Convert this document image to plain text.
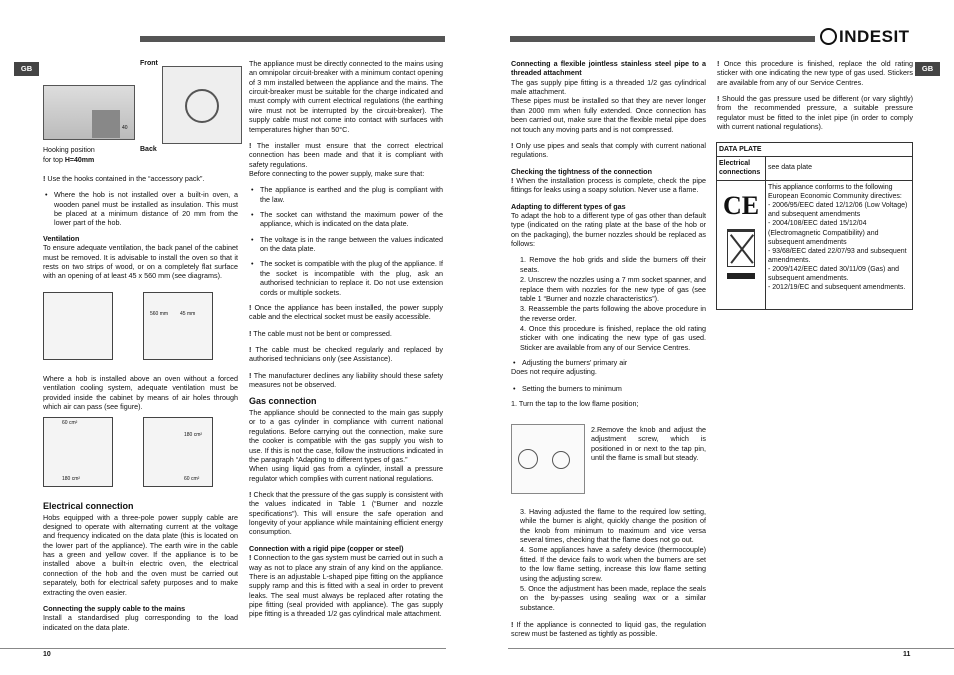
GB	GB
10	11
INDESIT
Front
Back
40
Hooking position
for top H=40mm

! Use the hooks contained in the “accessory pack”.

• Where the hob is not installed over a built-in oven, a wooden panel must be installed as insulation. This must be placed at a minimum distance of 20 mm from the lower part of the hob.

Ventilation

To ensure adequate ventilation, the back panel of the cabinet must be removed. It is advisable to install the oven so that it rests on two strips of wood, or on a completely flat surface with an opening of at least 45 x 560 mm (see diagrams).

560 mm 45 mm

Where a hob is installed above an oven without a forced ventilation cooling system, adequate ventilation must be provided inside the cabinet by means of air holes through which air can pass (see figure).

60 cm²
180 cm²
180 cm²
60 cm²

Electrical connection

Hobs equipped with a three-pole power supply cable are designed to operate with alternating current at the voltage and frequency indicated on the data plate (this is located on the lower part of the appliance). The earth wire in the cable has a green and yellow cover. If the appliance is to be installed above a built-in electric oven, the electrical connection of the hob and the oven must be carried out separately, both for electrical safety purposes and to make extracting the oven easier.

Connecting the supply cable to the mains

Install a standardised plug corresponding to the load indicated on the data plate.

The appliance must be directly connected to the mains using an omnipolar circuit-breaker with a minimum contact opening of 3 mm installed between the appliance and the mains. The circuit-breaker must be suitable for the charge indicated and must comply with current electrical regulations (the earthing wire must not be interrupted by the circuit-breaker). The supply cable must not come into contact with surfaces with temperatures higher than 50°C.

! The installer must ensure that the correct electrical connection has been made and that it is compliant with safety regulations.

Before connecting to the power supply, make sure that:

• The appliance is earthed and the plug is compliant with the law.
• The socket can withstand the maximum power of the appliance, which is indicated on the data plate.
• The voltage is in the range between the values indicated on the data plate.
• The socket is compatible with the plug of the appliance. If the socket is incompatible with the plug, ask an authorised technician to replace it. Do not use extension cords or multiple sockets.

! Once the appliance has been installed, the power supply cable and the electrical socket must be easily accessible.

! The cable must not be bent or compressed.

! The cable must be checked regularly and replaced by authorised technicians only (see Assistance).

! The manufacturer declines any liability should these safety measures not be observed.

Gas connection

The appliance should be connected to the main gas supply or to a gas cylinder in compliance with current national regulations. Before carrying out the connection, make sure the cooker is compatible with the gas supply you wish to use. If this is not the case, follow the instructions indicated in the paragraph “Adapting to different types of gas.”

When using liquid gas from a cylinder, install a pressure regulator which complies with current national regulations.

! Check that the pressure of the gas supply is consistent with the values indicated in Table 1 (“Burner and nozzle specifications”). This will ensure the safe operation and longevity of your appliance while maintaining efficient energy consumption.

Connection with a rigid pipe (copper or steel)

! Connection to the gas system must be carried out in such a way as not to place any strain of any kind on the appliance. There is an adjustable L-shaped pipe fitting on the appliance supply ramp and this is fitted with a seal in order to prevent leaks. The seal must always be replaced after rotating the pipe fitting (seal provided with appliance). The gas supply pipe fitting is a threaded 1/2 gas cylindrical male attachment.

Connecting a flexible jointless stainless steel pipe to a threaded attachment

The gas supply pipe fitting is a threaded 1/2 gas cylindrical male attachment.

These pipes must be installed so that they are never longer than 2000 mm when fully extended. Once connection has been carried out, make sure that the flexible metal pipe does not touch any moving parts and is not compressed.

! Only use pipes and seals that comply with current national regulations.

Checking the tightness of the connection

! When the installation process is complete, check the pipe fittings for leaks using a soapy solution. Never use a flame.

Adapting to different types of gas

To adapt the hob to a different type of gas other than default type (indicated on the rating plate at the base of the hob or on the packaging), the burner nozzles should be replaced as follows:

1. Remove the hob grids and slide the burners off their seats.
2. Unscrew the nozzles using a 7 mm socket spanner, and replace them with nozzles for the new type of gas (see table 1 “Burner and nozzle characteristics”).
3. Reassemble the parts following the above procedure in the reverse order.
4. Once this procedure is finished, replace the old rating sticker with one indicating the new type of gas used. Sticker are available from any of our Service Centres.
• Adjusting the burners’ primary air

Does not require adjusting.

• Setting the burners to minimum

1. Turn the tap to the low flame position;

2.Remove the knob and adjust the adjustment screw, which is positioned in or next to the tap pin, until the flame is small but steady.

3. Having adjusted the flame to the required low setting, while the burner is alight, quickly change the position of the knob from minimum to maximum and vice versa several times, checking that the flame does not go out.
4. Some appliances have a safety device (thermocouple) fitted. If the device fails to work when the burners are set to the low flame setting, increase this low flame setting using the adjusting screw.
5. Once the adjustment has been made, replace the seals on the by-passes using sealing wax or a similar substance.

! If the appliance is connected to liquid gas, the regulation screw must be fastened as tightly as possible.

! Once this procedure is finished, replace the old rating sticker with one indicating the new type of gas used. Stickers are available from any of our Service Centres.

! Should the gas pressure used be different (or vary slightly) from the recommended pressure, a suitable pressure regulator must be fitted to the inlet pipe (in order to comply with current national regulations).

DATA PLATE
Electrical connections
see data plate
CE
This appliance conforms to the following European Economic Community directives:
- 2006/95/EEC dated 12/12/06 (Low Voltage) and subsequent amendments
- 2004/108/EEC dated 15/12/04 (Electromagnetic Compatibility) and subsequent amendments
- 93/68/EEC dated 22/07/93 and subsequent amendments.
- 2009/142/EEC dated 30/11/09 (Gas) and subsequent amendments.
- 2012/19/EC and subsequent amendments.
